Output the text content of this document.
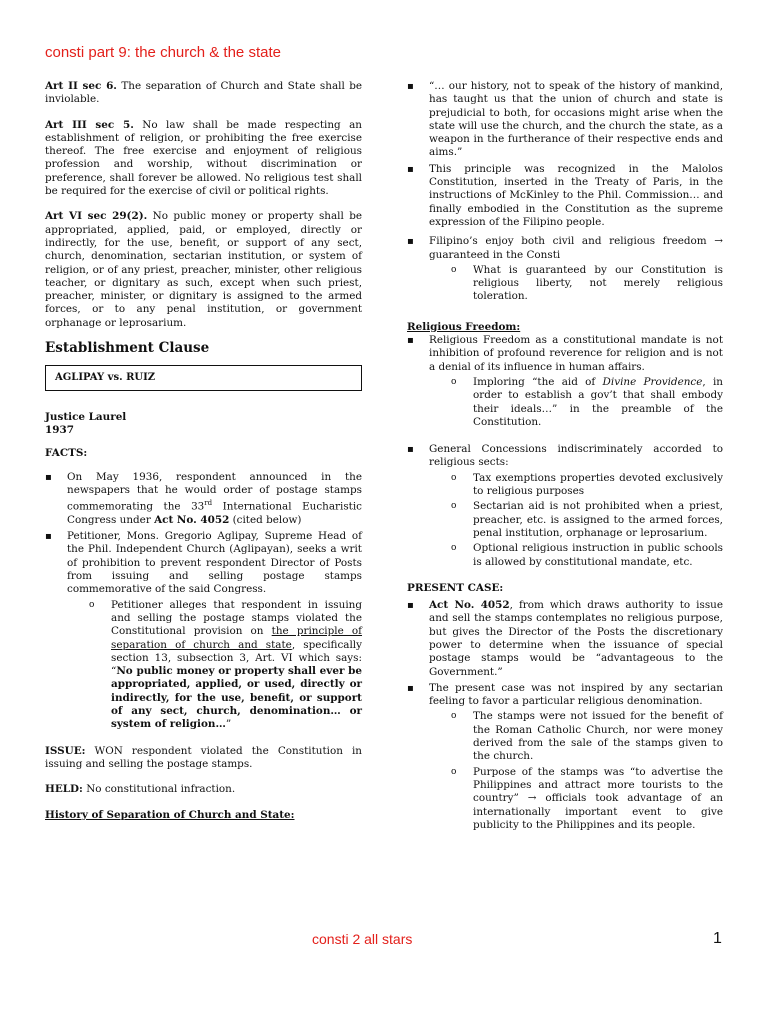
consti part 9: the church & the state

Art II sec 6. The separation of Church and State shall be inviolable.

Art III sec 5. No law shall be made respecting an establishment of religion, or prohibiting the free exercise thereof. The free exercise and enjoyment of religious profession and worship, without discrimination or preference, shall forever be allowed. No religious test shall be required for the exercise of civil or political rights.

Art VI sec 29(2). No public money or property shall be appropriated, applied, paid, or employed, directly or indirectly, for the use, benefit, or support of any sect, church, denomination, sectarian institution, or system of religion, or of any priest, preacher, minister, other religious teacher, or dignitary as such, except when such priest, preacher, minister, or dignitary is assigned to the armed forces, or to any penal institution, or government orphanage or leprosarium.

Establishment Clause
AGLIPAY vs. RUIZ
Justice Laurel
1937
FACTS:
▪ On May 1936, respondent announced in the newspapers that he would order of postage stamps commemorating the 33rd International Eucharistic Congress under Act No. 4052 (cited below)
▪ Petitioner, Mons. Gregorio Aglipay, Supreme Head of the Phil. Independent Church (Aglipayan), seeks a writ of prohibition to prevent respondent Director of Posts from issuing and selling postage stamps commemorative of the said Congress.
o Petitioner alleges that respondent in issuing and selling the postage stamps violated the Constitutional provision on the principle of separation of church and state, specifically section 13, subsection 3, Art. VI which says: “No public money or property shall ever be appropriated, applied, or used, directly or indirectly, for the use, benefit, or support of any sect, church, denomination… or system of religion…”

ISSUE: WON respondent violated the Constitution in issuing and selling the postage stamps.

HELD: No constitutional infraction.

History of Separation of Church and State:
▪ “… our history, not to speak of the history of mankind, has taught us that the union of church and state is prejudicial to both, for occasions might arise when the state will use the church, and the church the state, as a weapon in the furtherance of their respective ends and aims.”
▪ This principle was recognized in the Malolos Constitution, inserted in the Treaty of Paris, in the instructions of McKinley to the Phil. Commission… and finally embodied in the Constitution as the supreme expression of the Filipino people.
▪ Filipino’s enjoy both civil and religious freedom → guaranteed in the Consti
o What is guaranteed by our Constitution is religious liberty, not merely religious toleration.
Religious Freedom:
▪ Religious Freedom as a constitutional mandate is not inhibition of profound reverence for religion and is not a denial of its influence in human affairs.
o Imploring “the aid of Divine Providence, in order to establish a gov’t that shall embody their ideals…” in the preamble of the Constitution.
▪ General Concessions indiscriminately accorded to religious sects:
o Tax exemptions properties devoted exclusively to religious purposes
o Sectarian aid is not prohibited when a priest, preacher, etc. is assigned to the armed forces, penal institution, orphanage or leprosarium.
o Optional religious instruction in public schools is allowed by constitutional mandate, etc.
PRESENT CASE:
▪ Act No. 4052, from which draws authority to issue and sell the stamps contemplates no religious purpose, but gives the Director of the Posts the discretionary power to determine when the issuance of special postage stamps would be “advantageous to the Government.”
▪ The present case was not inspired by any sectarian feeling to favor a particular religious denomination.
o The stamps were not issued for the benefit of the Roman Catholic Church, nor were money derived from the sale of the stamps given to the church.
o Purpose of the stamps was “to advertise the Philippines and attract more tourists to the country” → officials took advantage of an internationally important event to give publicity to the Philippines and its people.
consti 2 all stars	1
